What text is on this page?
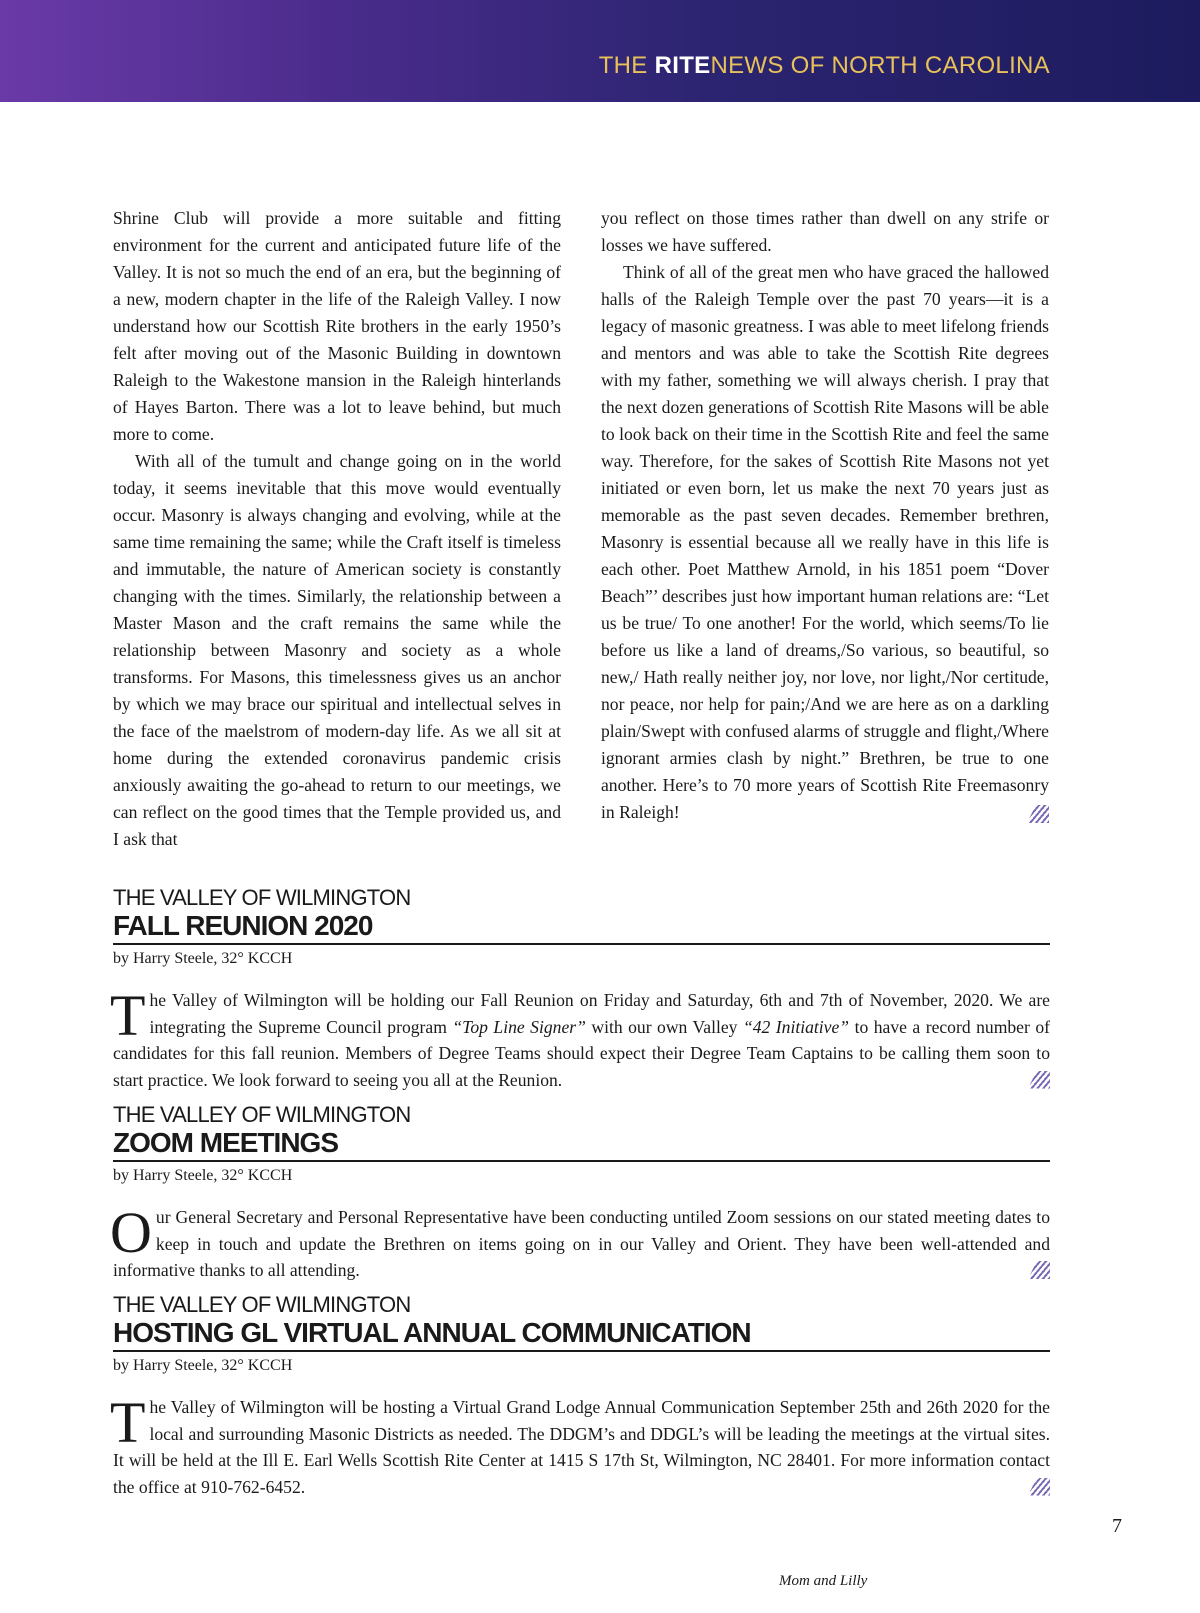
THE RITENEWS OF NORTH CAROLINA

Shrine Club will provide a more suitable and fitting environment for the current and anticipated future life of the Valley. It is not so much the end of an era, but the beginning of a new, modern chapter in the life of the Raleigh Valley. I now understand how our Scottish Rite brothers in the early 1950’s felt after moving out of the Masonic Building in downtown Raleigh to the Wakestone mansion in the Raleigh hinterlands of Hayes Barton. There was a lot to leave behind, but much more to come.

With all of the tumult and change going on in the world today, it seems inevitable that this move would eventually occur. Masonry is always changing and evolving, while at the same time remaining the same; while the Craft itself is timeless and immutable, the nature of American society is constantly changing with the times. Similarly, the relationship between a Master Mason and the craft remains the same while the relationship between Masonry and society as a whole transforms. For Masons, this timelessness gives us an anchor by which we may brace our spiritual and intellectual selves in the face of the maelstrom of modern-day life. As we all sit at home during the extended coronavirus pandemic crisis anxiously awaiting the go-ahead to return to our meetings, we can reflect on the good times that the Temple provided us, and I ask that

you reflect on those times rather than dwell on any strife or losses we have suffered.

Think of all of the great men who have graced the hallowed halls of the Raleigh Temple over the past 70 years—it is a legacy of masonic greatness. I was able to meet lifelong friends and mentors and was able to take the Scottish Rite degrees with my father, something we will always cherish. I pray that the next dozen generations of Scottish Rite Masons will be able to look back on their time in the Scottish Rite and feel the same way. Therefore, for the sakes of Scottish Rite Masons not yet initiated or even born, let us make the next 70 years just as memorable as the past seven decades. Remember brethren, Masonry is essential because all we really have in this life is each other. Poet Matthew Arnold, in his 1851 poem “Dover Beach”’ describes just how important human relations are: “Let us be true/ To one another! For the world, which seems/To lie before us like a land of dreams,/So various, so beautiful, so new,/ Hath really neither joy, nor love, nor light,/Nor certitude, nor peace, nor help for pain;/And we are here as on a darkling plain/Swept with confused alarms of struggle and flight,/Where ignorant armies clash by night.” Brethren, be true to one another. Here’s to 70 more years of Scottish Rite Freemasonry in Raleigh!

THE VALLEY OF WILMINGTON
FALL REUNION 2020
by Harry Steele, 32° KCCH
The Valley of Wilmington will be holding our Fall Reunion on Friday and Saturday, 6th and 7th of November, 2020. We are integrating the Supreme Council program “Top Line Signer” with our own Valley “42 Initiative” to have a record number of candidates for this fall reunion. Members of Degree Teams should expect their Degree Team Captains to be calling them soon to start practice. We look forward to seeing you all at the Reunion.
THE VALLEY OF WILMINGTON
ZOOM MEETINGS
by Harry Steele, 32° KCCH
Our General Secretary and Personal Representative have been conducting untiled Zoom sessions on our stated meeting dates to keep in touch and update the Brethren on items going on in our Valley and Orient. They have been well-attended and informative thanks to all attending.
THE VALLEY OF WILMINGTON
HOSTING GL VIRTUAL ANNUAL COMMUNICATION
by Harry Steele, 32° KCCH
The Valley of Wilmington will be hosting a Virtual Grand Lodge Annual Communication September 25th and 26th 2020 for the local and surrounding Masonic Districts as needed. The DDGM’s and DDGL’s will be leading the meetings at the virtual sites. It will be held at the Ill E. Earl Wells Scottish Rite Center at 1415 S 17th St, Wilmington, NC 28401. For more information contact the office at 910-762-6452.
7
Mom and Lilly
